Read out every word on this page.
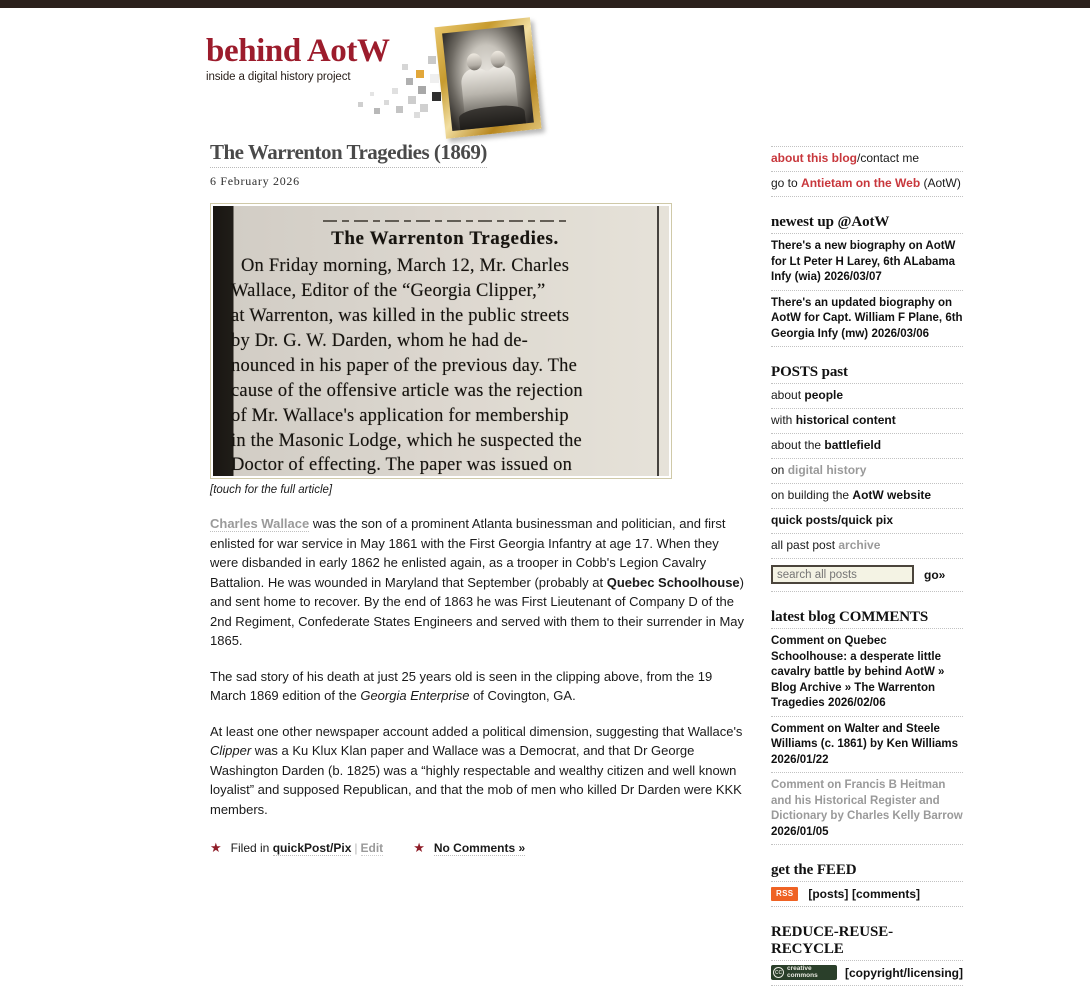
behind AotW
inside a digital history project
The Warrenton Tragedies (1869)
6 February 2026
The Warrenton Tragedies.
On Friday morning, March 12, Mr. Charles
Wallace, Editor of the “Georgia Clipper,”
at Warrenton, was killed in the public streets
by Dr. G. W. Darden, whom he had de-
nounced in his paper of the previous day. The
cause of the offensive article was the rejection
of Mr. Wallace's application for membership
in the Masonic Lodge, which he suspected the
Doctor of effecting. The paper was issued on
[touch for the full article]

Charles Wallace was the son of a prominent Atlanta businessman and politician, and first enlisted for war service in May 1861 with the First Georgia Infantry at age 17. When they were disbanded in early 1862 he enlisted again, as a trooper in Cobb's Legion Cavalry Battalion. He was wounded in Maryland that September (probably at Quebec Schoolhouse) and sent home to recover. By the end of 1863 he was First Lieutenant of Company D of the 2nd Regiment, Confederate States Engineers and served with them to their surrender in May 1865.

The sad story of his death at just 25 years old is seen in the clipping above, from the 19 March 1869 edition of the Georgia Enterprise of Covington, GA.

At least one other newspaper account added a political dimension, suggesting that Wallace's Clipper was a Ku Klux Klan paper and Wallace was a Democrat, and that Dr George Washington Darden (b. 1825) was a “highly respectable and wealthy citizen and well known loyalist” and supposed Republican, and that the mob of men who killed Dr Darden were KKK members.

★ Filed in quickPost/Pix | Edit ★ No Comments »
about this blog/contact me
go to Antietam on the Web (AotW)
newest up @AotW
There's a new biography on AotW for Lt Peter H Larey, 6th ALabama Infy (wia) 2026/03/07
There's an updated biography on AotW for Capt. William F Plane, 6th Georgia Infy (mw) 2026/03/06
POSTS past
about people
with historical content
about the battlefield
on digital history
on building the AotW website
quick posts/quick pix
all past post archive
search all posts
go»
latest blog COMMENTS
Comment on Quebec Schoolhouse: a desperate little cavalry battle by behind AotW » Blog Archive » The Warrenton Tragedies 2026/02/06
Comment on Walter and Steele Williams (c. 1861) by Ken Williams 2026/01/22
Comment on Francis B Heitman and his Historical Register and Dictionary by Charles Kelly Barrow 2026/01/05
get the FEED
RSS	[posts]
[comments]
REDUCE-REUSE-RECYCLE
cc
creative
commons [copyright/licensing]
